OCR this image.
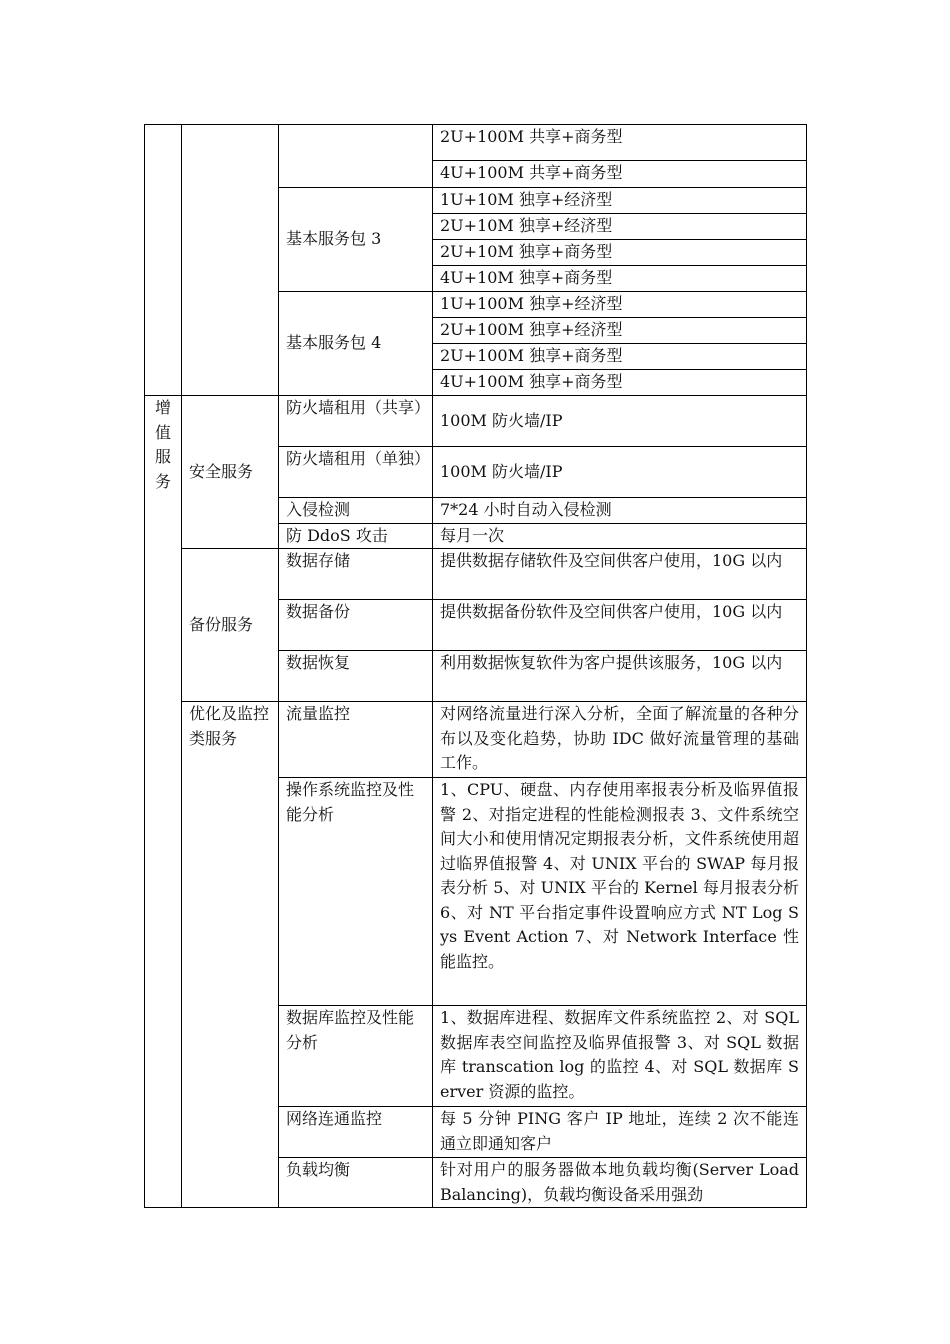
			2U+100M 共享+商务型
			4U+100M 共享+商务型
		基本服务包 3	1U+10M 独享+经济型
			2U+10M 独享+经济型
			2U+10M 独享+商务型
			4U+10M 独享+商务型
		基本服务包 4	1U+100M 独享+经济型
			2U+100M 独享+经济型
			2U+100M 独享+商务型
			4U+100M 独享+商务型

增值服务	安全服务	防火墙租用（共享）	100M 防火墙/IP
		防火墙租用（单独）	100M 防火墙/IP
		入侵检测	7*24 小时自动入侵检测
		防 DdoS 攻击	每月一次
	备份服务	数据存储	提供数据存储软件及空间供客户使用，10G 以内
		数据备份	提供数据备份软件及空间供客户使用，10G 以内
		数据恢复	利用数据恢复软件为客户提供该服务，10G 以内
	优化及监控类服务	流量监控	对网络流量进行深入分析，全面了解流量的各种分布以及变化趋势，协助 IDC 做好流量管理的基础工作。
		操作系统监控及性能分析	1、CPU、硬盘、内存使用率报表分析及临界值报警 2、对指定进程的性能检测报表 3、文件系统空间大小和使用情况定期报表分析，文件系统使用超过临界值报警 4、对 UNIX 平台的 SWAP 每月报表分析 5、对 UNIX 平台的 Kernel 每月报表分析 6、对 NT 平台指定事件设置响应方式 NT Log Sys Event Action 7、对 Network Interface 性能监控。
		数据库监控及性能分析	1、数据库进程、数据库文件系统监控 2、对 SQL 数据库表空间监控及临界值报警 3、对 SQL 数据库 transcation log 的监控 4、对 SQL 数据库 Server 资源的监控。
		网络连通监控	每 5 分钟 PING 客户 IP 地址，连续 2 次不能连通立即通知客户
		负载均衡	针对用户的服务器做本地负载均衡(Server Load Balancing)，负载均衡设备采用强劲
